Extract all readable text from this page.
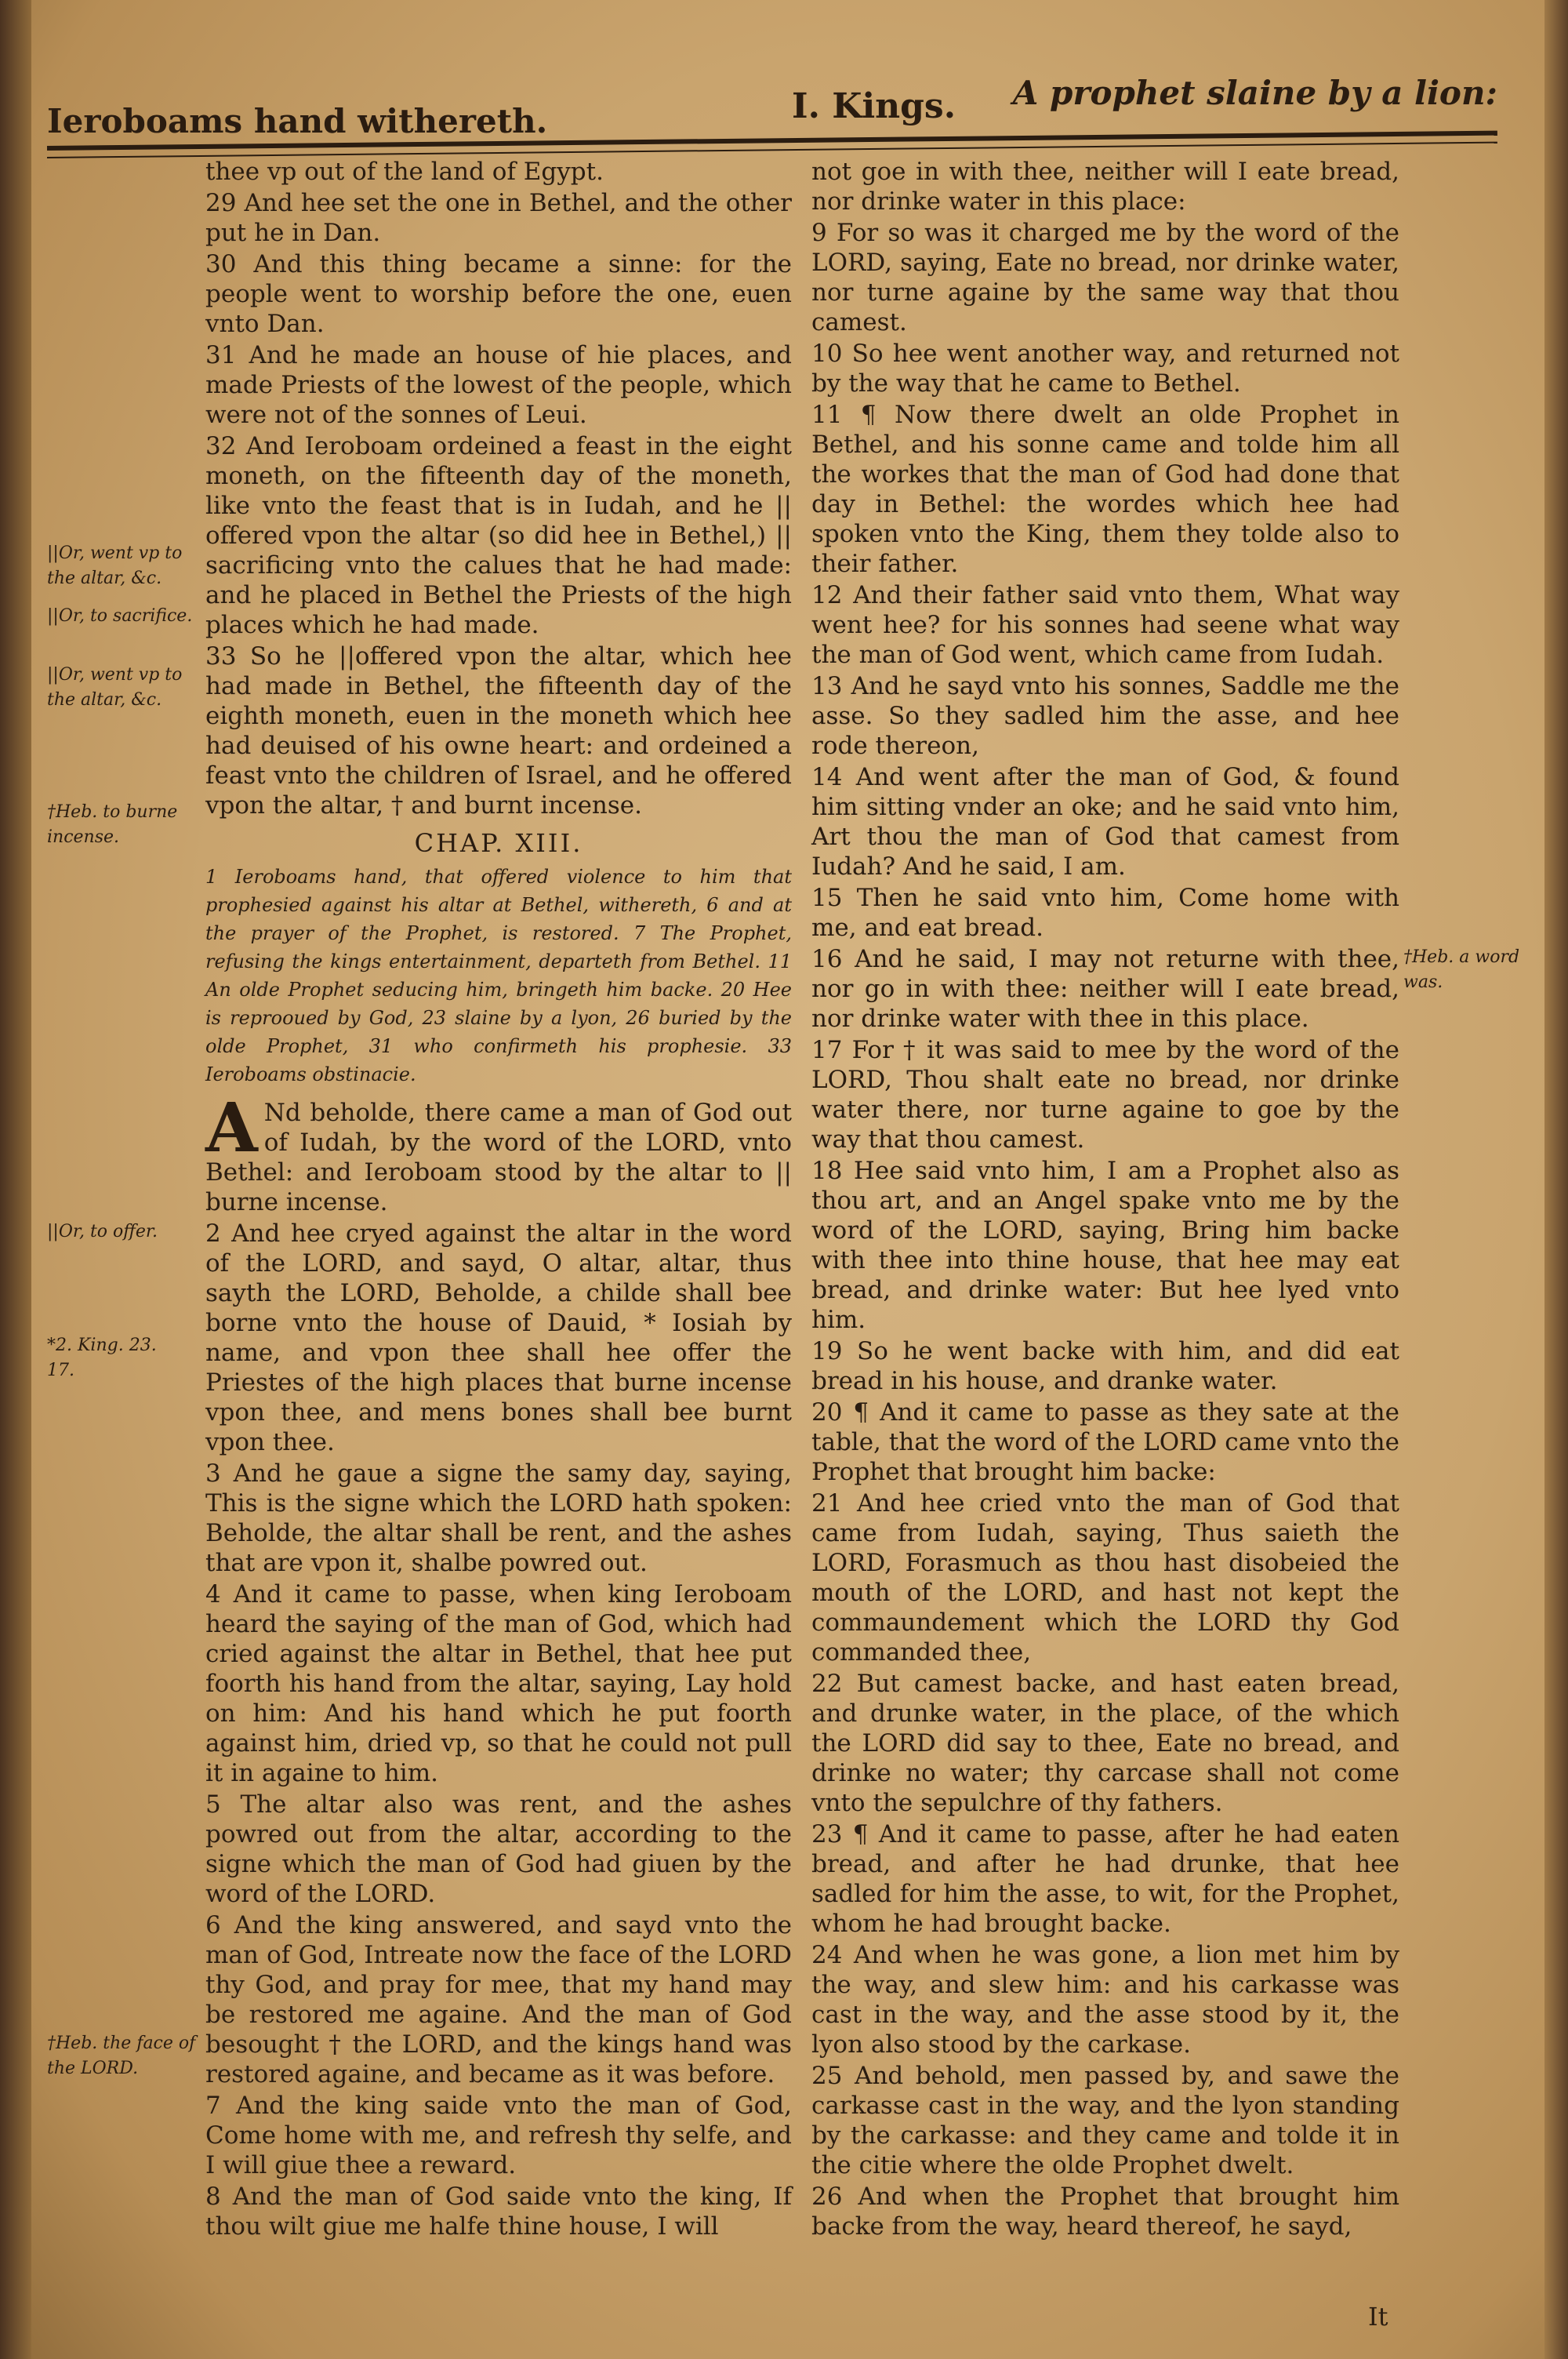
Ieroboams hand withereth.	I. Kings. A prophet slaine by a lion:

thee vp out of the land of Egypt.

29 And hee set the one in Bethel, and the other put he in Dan.

30 And this thing became a sinne: for the people went to worship before the one, euen vnto Dan.

31 And he made an house of hie places, and made Priests of the lowest of the people, which were not of the sonnes of Leui.

32 And Ieroboam ordeined a feast in the eight moneth, on the fifteenth day of the moneth, like vnto the feast that is in Iudah, and he || offered vpon the altar (so did hee in Bethel,) || sacrificing vnto the calues that he had made: and he placed in Bethel the Priests of the high places which he had made.

33 So he ||offered vpon the altar, which hee had made in Bethel, the fifteenth day of the eighth moneth, euen in the moneth which hee had deuised of his owne heart: and ordeined a feast vnto the children of Israel, and he offered vpon the altar, † and burnt incense.

CHAP. XIII.
1 Ieroboams hand, that offered violence to him that prophesied against his altar at Bethel, withereth, 6 and at the prayer of the Prophet, is restored. 7 The Prophet, refusing the kings entertainment, departeth from Bethel. 11 An olde Prophet seducing him, bringeth him backe. 20 Hee is reprooued by God, 23 slaine by a lyon, 26 buried by the olde Prophet, 31 who confirmeth his prophesie. 33 Ieroboams obstinacie.

A Nd beholde, there came a man of God out of Iudah, by the word of the LORD, vnto Bethel: and Ieroboam stood by the altar to || burne incense.

2 And hee cryed against the altar in the word of the LORD, and sayd, O altar, altar, thus sayth the LORD, Beholde, a childe shall bee borne vnto the house of Dauid, * Iosiah by name, and vpon thee shall hee offer the Priestes of the high places that burne incense vpon thee, and mens bones shall bee burnt vpon thee.

3 And he gaue a signe the samy day, saying, This is the signe which the LORD hath spoken: Beholde, the altar shall be rent, and the ashes that are vpon it, shalbe powred out.

4 And it came to passe, when king Ieroboam heard the saying of the man of God, which had cried against the altar in Bethel, that hee put foorth his hand from the altar, saying, Lay hold on him: And his hand which he put foorth against him, dried vp, so that he could not pull it in againe to him.

5 The altar also was rent, and the ashes powred out from the altar, according to the signe which the man of God had giuen by the word of the LORD.

6 And the king answered, and sayd vnto the man of God, Intreate now the face of the LORD thy God, and pray for mee, that my hand may be restored me againe. And the man of God besought † the LORD, and the kings hand was restored againe, and became as it was before.

7 And the king saide vnto the man of God, Come home with me, and refresh thy selfe, and I will giue thee a reward.

8 And the man of God saide vnto the king, If thou wilt giue me halfe thine house, I will

not goe in with thee, neither will I eate bread, nor drinke water in this place:

9 For so was it charged me by the word of the LORD, saying, Eate no bread, nor drinke water, nor turne againe by the same way that thou camest.

10 So hee went another way, and returned not by the way that he came to Bethel.

11 ¶ Now there dwelt an olde Prophet in Bethel, and his sonne came and tolde him all the workes that the man of God had done that day in Bethel: the wordes which hee had spoken vnto the King, them they tolde also to their father.

12 And their father said vnto them, What way went hee? for his sonnes had seene what way the man of God went, which came from Iudah.

13 And he sayd vnto his sonnes, Saddle me the asse. So they sadled him the asse, and hee rode thereon,

14 And went after the man of God, & found him sitting vnder an oke; and he said vnto him, Art thou the man of God that camest from Iudah? And he said, I am.

15 Then he said vnto him, Come home with me, and eat bread.

16 And he said, I may not returne with thee, nor go in with thee: neither will I eate bread, nor drinke water with thee in this place.

17 For † it was said to mee by the word of the LORD, Thou shalt eate no bread, nor drinke water there, nor turne againe to goe by the way that thou camest.

18 Hee said vnto him, I am a Prophet also as thou art, and an Angel spake vnto me by the word of the LORD, saying, Bring him backe with thee into thine house, that hee may eat bread, and drinke water: But hee lyed vnto him.

19 So he went backe with him, and did eat bread in his house, and dranke water.

20 ¶ And it came to passe as they sate at the table, that the word of the LORD came vnto the Prophet that brought him backe:

21 And hee cried vnto the man of God that came from Iudah, saying, Thus saieth the LORD, Forasmuch as thou hast disobeied the mouth of the LORD, and hast not kept the commaundement which the LORD thy God commanded thee,

22 But camest backe, and hast eaten bread, and drunke water, in the place, of the which the LORD did say to thee, Eate no bread, and drinke no water; thy carcase shall not come vnto the sepulchre of thy fathers.

23 ¶ And it came to passe, after he had eaten bread, and after he had drunke, that hee sadled for him the asse, to wit, for the Prophet, whom he had brought backe.

24 And when he was gone, a lion met him by the way, and slew him: and his carkasse was cast in the way, and the asse stood by it, the lyon also stood by the carkase.

25 And behold, men passed by, and sawe the carkasse cast in the way, and the lyon standing by the carkasse: and they came and tolde it in the citie where the olde Prophet dwelt.

26 And when the Prophet that brought him backe from the way, heard thereof, he sayd,

It
||Or, went vp to the altar, &c.
||Or, to sacrifice.
||Or, went vp to the altar, &c.
†Heb. to burne incense.
||Or, to offer.
*2. King. 23. 17.
†Heb. the face of the LORD.
†Heb. a word was.
